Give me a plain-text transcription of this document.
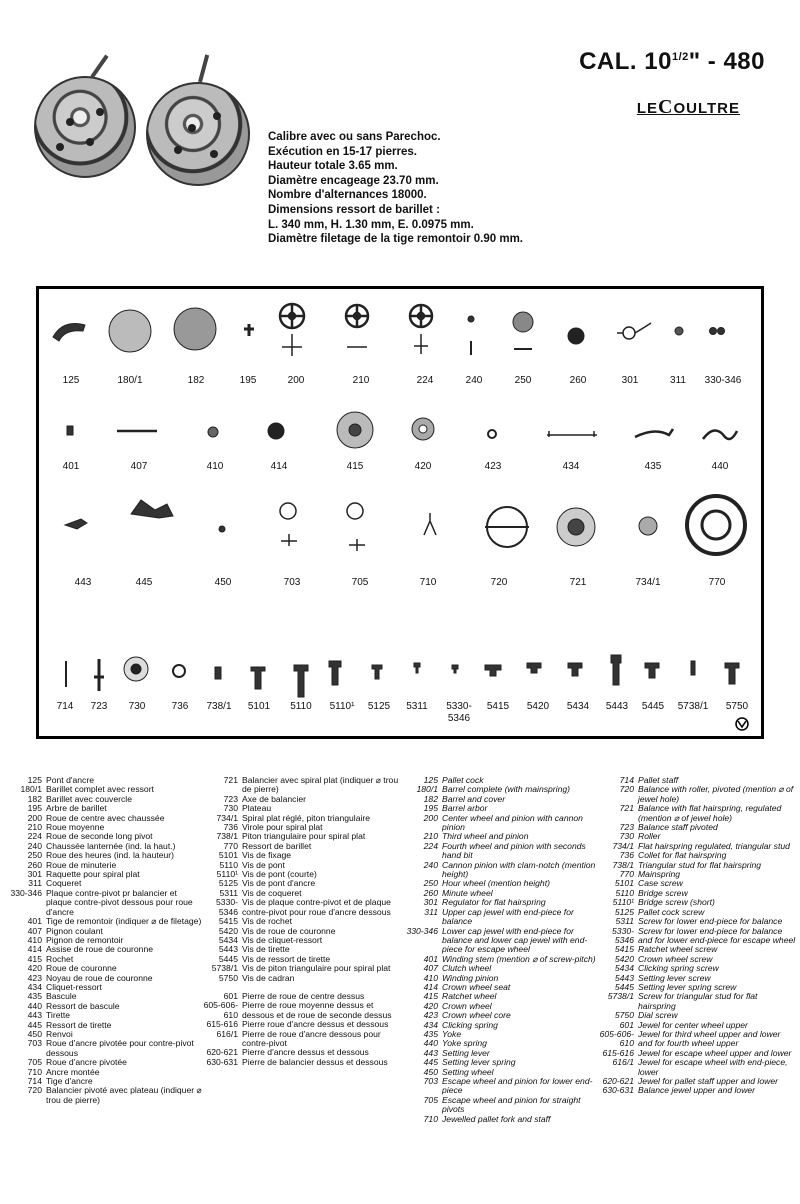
CAL. $10^{1/2}$" - 480
LECOULTRE
Calibre avec ou sans Parechoc.
Exécution en 15-17 pierres.
Hauteur totale 3.65 mm.
Diamètre encageage 23.70 mm.
Nombre d'alternances 18000.
Dimensions ressort de barillet :
L. 340 mm, H. 1.30 mm, E. 0.0975 mm.
Diamètre filetage de la tige remontoir 0.90 mm.
125	180/1	182	195	200	210	224	240	250	260	301	311 330-346
401	407	410	414	415	420	423	434	435	440
443	445	450	703	705	710	720	721	734/1	770
714 723 730	736 738/1 5101 5110 5110¹ 5125 5311 5330-
5346
5415 5420 5434 5443 5445 5738/1 5750
125 Pont d'ancre
180/1 Barillet complet avec ressort
182 Barillet avec couvercle
195 Arbre de barillet
200 Roue de centre avec chaussée
210 Roue moyenne
224 Roue de seconde long pivot
240 Chaussée lanternée (ind. la haut.)
250 Roue des heures (ind. la hauteur)
260 Roue de minuterie
301 Raquette pour spiral plat
311 Coqueret
330-346 Plaque contre-pivot pr balancier et plaque contre-pivot dessous pour roue d'ancre
401 Tige de remontoir (indiquer ⌀ de filetage)
407 Pignon coulant
410 Pignon de remontoir
414 Assise de roue de couronne
415 Rochet
420 Roue de couronne
423 Noyau de roue de couronne
434 Cliquet-ressort
435 Bascule
440 Ressort de bascule
443 Tirette
445 Ressort de tirette
450 Renvoi
703 Roue d'ancre pivotée pour contre-pivot dessous
705 Roue d'ancre pivotée
710 Ancre montée
714 Tige d'ancre
720 Balancier pivoté avec plateau (indiquer ⌀ trou de pierre)
721 Balancier avec spiral plat (indiquer ⌀ trou de pierre)
723 Axe de balancier
730 Plateau
734/1 Spiral plat réglé, piton triangulaire
736 Virole pour spiral plat
738/1 Piton triangulaire pour spiral plat
770 Ressort de barillet
5101 Vis de fixage
5110 Vis de pont
5110¹ Vis de pont (courte)
5125 Vis de pont d'ancre
5311 Vis de coqueret
5330-5346
Vis de plaque contre-pivot et de plaque contre-pivot pour roue d'ancre dessous
5415 Vis de rochet
5420 Vis de roue de couronne
5434 Vis de cliquet-ressort
5443 Vis de tirette
5445 Vis de ressort de tirette
5738/1 Vis de piton triangulaire pour spiral plat
5750 Vis de cadran
601 Pierre de roue de centre dessus
605-606-610
Pierre de roue moyenne dessus et dessous et de roue de seconde dessus
615-616 Pierre roue d'ancre dessus et dessous
616/1 Pierre de roue d'ancre dessous pour contre-pivot
620-621 Pierre d'ancre dessus et dessous
630-631 Pierre de balancier dessus et dessous
125 Pallet cock
180/1 Barrel complete (with mainspring)
182 Barrel and cover
195 Barrel arbor
200 Center wheel and pinion with cannon pinion
210 Third wheel and pinion
224 Fourth wheel and pinion with seconds hand bit
240 Cannon pinion with clam-notch (mention height)
250 Hour wheel (mention height)
260 Minute wheel
301 Regulator for flat hairspring
311 Upper cap jewel with end-piece for balance
330-346 Lower cap jewel with end-piece for balance and lower cap jewel with end-piece for escape wheel
401 Winding stem (mention ⌀ of screw-pitch)
407 Clutch wheel
410 Winding pinion
414 Crown wheel seat
415 Ratchet wheel
420 Crown wheel
423 Crown wheel core
434 Clicking spring
435 Yoke
440 Yoke spring
443 Setting lever
445 Setting lever spring
450 Setting wheel
703 Escape wheel and pinion for lower end-piece
705 Escape wheel and pinion for straight pivots
710 Jewelled pallet fork and staff
714 Pallet staff
720 Balance with roller, pivoted (mention ⌀ of jewel hole)
721 Balance with flat hairspring, regulated (mention ⌀ of jewel hole)
723 Balance staff pivoted
730 Roller
734/1 Flat hairspring regulated, triangular stud
736 Collet for flat hairspring
738/1 Triangular stud for flat hairspring
770 Mainspring
5101 Case screw
5110 Bridge screw
5110¹ Bridge screw (short)
5125 Pallet cock screw
5311 Screw for lower end-piece for balance
5330-5346
Screw for lower end-piece for balance and for lower end-piece for escape wheel
5415 Ratchet wheel screw
5420 Crown wheel screw
5434 Clicking spring screw
5443 Setting lever screw
5445 Setting lever spring screw
5738/1 Screw for triangular stud for flat hairspring
5750 Dial screw
601 Jewel for center wheel upper
605-606-610
Jewel for third wheel upper and lower and for fourth wheel upper
615-616 Jewel for escape wheel upper and lower
616/1 Jewel for escape wheel with end-piece, lower
620-621 Jewel for pallet staff upper and lower
630-631 Balance jewel upper and lower
